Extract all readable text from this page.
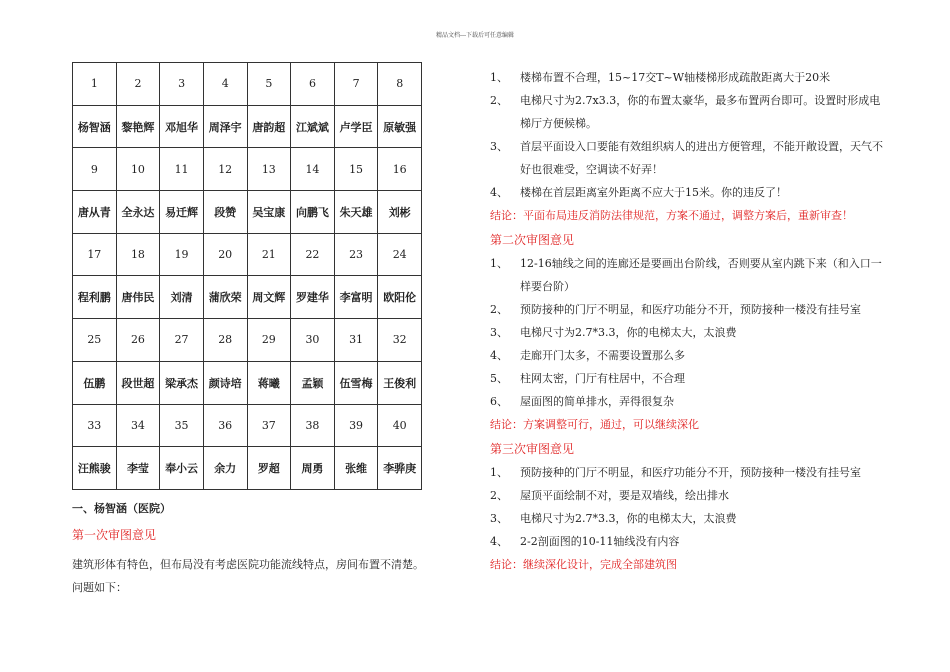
精品文档---下载后可任意编辑
1	2	3	4	5	6	7	8
杨智涵	黎艳辉	邓旭华	周泽宇	唐韵超	江斌斌	卢学臣	原敏强
9	10	11	12	13	14	15	16
唐从青	全永达	易迁辉	段赞	吴宝康	向鹏飞	朱天雄	刘彬
17	18	19	20	21	22	23	24
程利鹏	唐伟民	刘清	蒲欣荣	周文辉	罗建华	李富明	欧阳伦
25	26	27	28	29	30	31	32
伍鹏	段世超	梁承杰	颜诗培	蒋曦	孟颖	伍雪梅	王俊利
33	34	35	36	37	38	39	40
汪熊骏	李莹	奉小云	余力	罗超	周勇	张维	李骅庚
一、杨智涵（医院）
第一次审图意见

建筑形体有特色，但布局没有考虑医院功能流线特点，房间布置不清楚。问题如下：

1、	楼梯布置不合理，15~17交T~W轴楼梯形成疏散距离大于20米
2、	电梯尺寸为2.7x3.3，你的布置太豪华，最多布置两台即可。设置时形成电梯厅方便候梯。
3、	首层平面设入口要能有效组织病人的进出方便管理，不能开敞设置，天气不好也很难受，空调读不好弄！
4、	楼梯在首层距离室外距离不应大于15米。你的违反了！
结论：平面布局违反消防法律规范，方案不通过，调整方案后，重新审查！
第二次审图意见
1、	12-16轴线之间的连廊还是要画出台阶线，否则要从室内跳下来（和入口一样要台阶）
2、	预防接种的门厅不明显，和医疗功能分不开，预防接种一楼没有挂号室
3、	电梯尺寸为2.7*3.3，你的电梯太大，太浪费
4、	走廊开门太多，不需要设置那么多
5、	柱网太密，门厅有柱居中，不合理
6、	屋面图的简单排水，弄得很复杂
结论：方案调整可行，通过，可以继续深化
第三次审图意见
1、	预防接种的门厅不明显，和医疗功能分不开，预防接种一楼没有挂号室
2、	屋顶平面绘制不对，要是双墙线，绘出排水
3、	电梯尺寸为2.7*3.3，你的电梯太大，太浪费
4、	2-2剖面图的10-11轴线没有内容
结论：继续深化设计，完成全部建筑图
